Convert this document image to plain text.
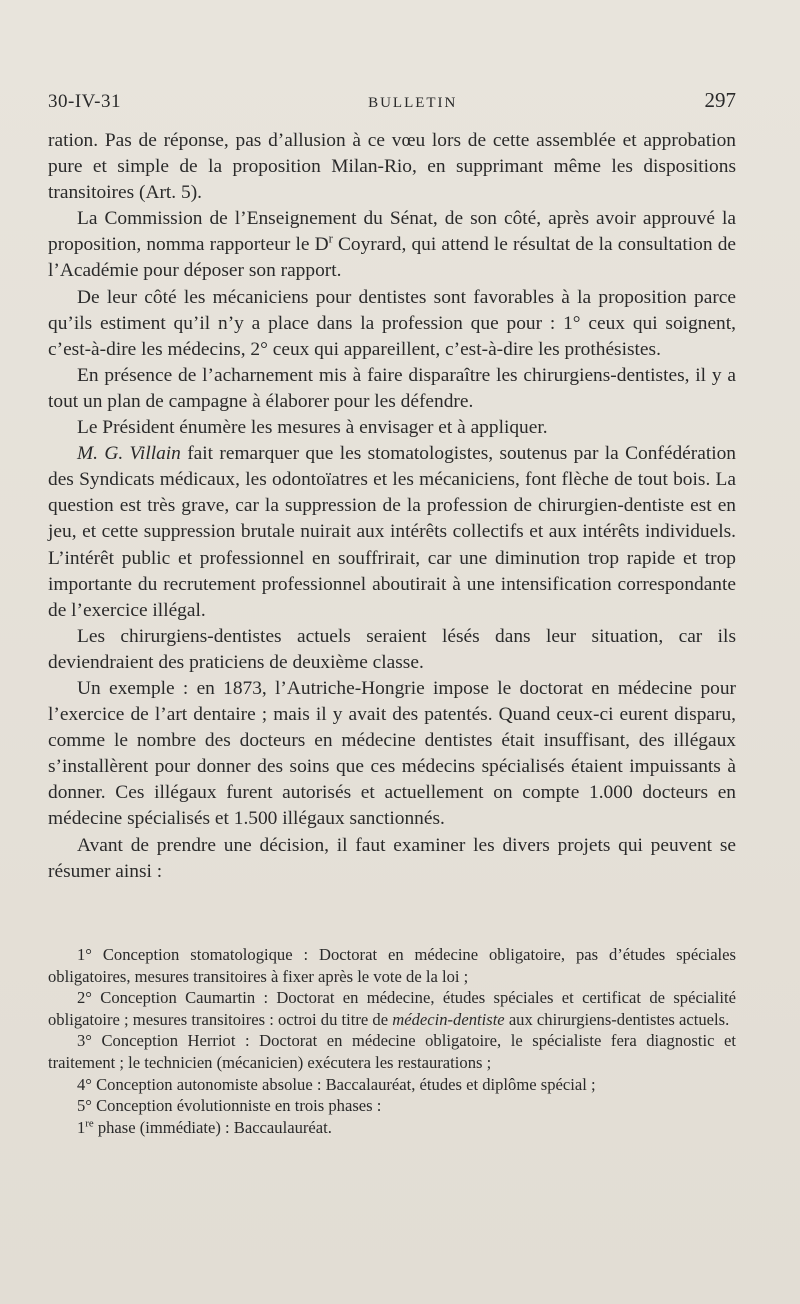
30-IV-31	BULLETIN	297

ration. Pas de réponse, pas d’allusion à ce vœu lors de cette assemblée et approbation pure et simple de la proposition Milan-Rio, en supprimant même les dispositions transitoires (Art. 5).

La Commission de l’Enseignement du Sénat, de son côté, après avoir approuvé la proposition, nomma rapporteur le $D^r$ Coyrard, qui attend le résultat de la consultation de l’Académie pour déposer son rapport.

De leur côté les mécaniciens pour dentistes sont favorables à la proposition parce qu’ils estiment qu’il n’y a place dans la profession que pour : 1° ceux qui soignent, c’est-à-dire les médecins, 2° ceux qui appareillent, c’est-à-dire les prothésistes.

En présence de l’acharnement mis à faire disparaître les chirurgiens-dentistes, il y a tout un plan de campagne à élaborer pour les défendre.

Le Président énumère les mesures à envisager et à appliquer.

M. G. Villain fait remarquer que les stomatologistes, soutenus par la Confédération des Syndicats médicaux, les odontoïatres et les mécaniciens, font flèche de tout bois. La question est très grave, car la suppression de la profession de chirurgien-dentiste est en jeu, et cette suppression brutale nuirait aux intérêts collectifs et aux intérêts individuels. L’intérêt public et professionnel en souffrirait, car une diminution trop rapide et trop importante du recrutement professionnel aboutirait à une intensification correspondante de l’exercice illégal.

Les chirurgiens-dentistes actuels seraient lésés dans leur situation, car ils deviendraient des praticiens de deuxième classe.

Un exemple : en 1873, l’Autriche-Hongrie impose le doctorat en médecine pour l’exercice de l’art dentaire ; mais il y avait des patentés. Quand ceux-ci eurent disparu, comme le nombre des docteurs en médecine dentistes était insuffisant, des illégaux s’installèrent pour donner des soins que ces médecins spécialisés étaient impuissants à donner. Ces illégaux furent autorisés et actuellement on compte 1.000 docteurs en médecine spécialisés et 1.500 illégaux sanctionnés.

Avant de prendre une décision, il faut examiner les divers projets qui peuvent se résumer ainsi :

1° Conception stomatologique : Doctorat en médecine obligatoire, pas d’études spéciales obligatoires, mesures transitoires à fixer après le vote de la loi ;

2° Conception Caumartin : Doctorat en médecine, études spéciales et certificat de spécialité obligatoire ; mesures transitoires : octroi du titre de médecin-dentiste aux chirurgiens-dentistes actuels.

3° Conception Herriot : Doctorat en médecine obligatoire, le spécialiste fera diagnostic et traitement ; le technicien (mécanicien) exécutera les restaurations ;

4° Conception autonomiste absolue : Baccalauréat, études et diplôme spécial ;

5° Conception évolutionniste en trois phases :

1re phase (immédiate) : Baccaulauréat.
